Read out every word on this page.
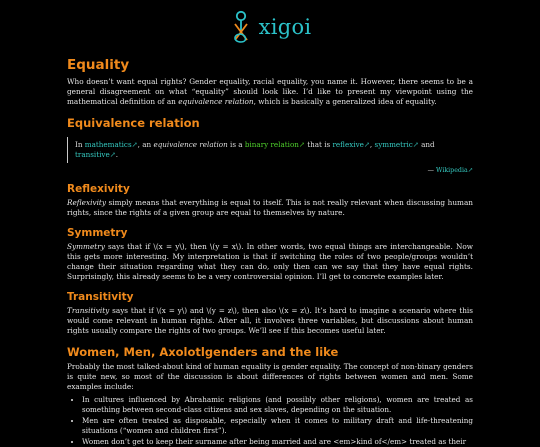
xigoi
Equality

Who doesn’t want equal rights? Gender equality, racial equality, you name it. However, there seems to be a general disagreement on what “equality” should look like. I’d like to present my viewpoint using the mathematical definition of an equivalence relation, which is basically a generalized idea of equality.

Equivalence relation
In mathematics↗, an equivalence relation is a binary relation↗ that is reflexive↗, symmetric↗ and transitive↗.
— Wikipedia↗
Reflexivity

Reflexivity simply means that everything is equal to itself. This is not really relevant when discussing human rights, since the rights of a given group are equal to themselves by nature.

Symmetry

Symmetry says that if \(x = y\), then \(y = x\). In other words, two equal things are interchangeable. Now this gets more interesting. My interpretation is that if switching the roles of two people/groups wouldn’t change their situation regarding what they can do, only then can we say that they have equal rights. Surprisingly, this already seems to be a very controversial opinion. I’ll get to concrete examples later.

Transitivity

Transitivity says that if \(x = y\) and \(y = z\), then also \(x = z\). It’s hard to imagine a scenario where this would come relevant in human rights. After all, it involves three variables, but discussions about human rights usually compare the rights of two groups. We’ll see if this becomes useful later.

Women, Men, Axolotlgenders and the like

Probably the most talked-about kind of human equality is gender equality. The concept of non-binary genders is quite new, so most of the discussion is about differences of rights between women and men. Some examples include:

• In cultures influenced by Abrahamic religions (and possibly other religions), women are treated as something between second-class citizens and sex slaves, depending on the situation.
• Men are often treated as disposable, especially when it comes to military draft and life-threatening situations (“women and children first”).
• Women don’t get to keep their surname after being married and are <em>kind of</em> treated as their
